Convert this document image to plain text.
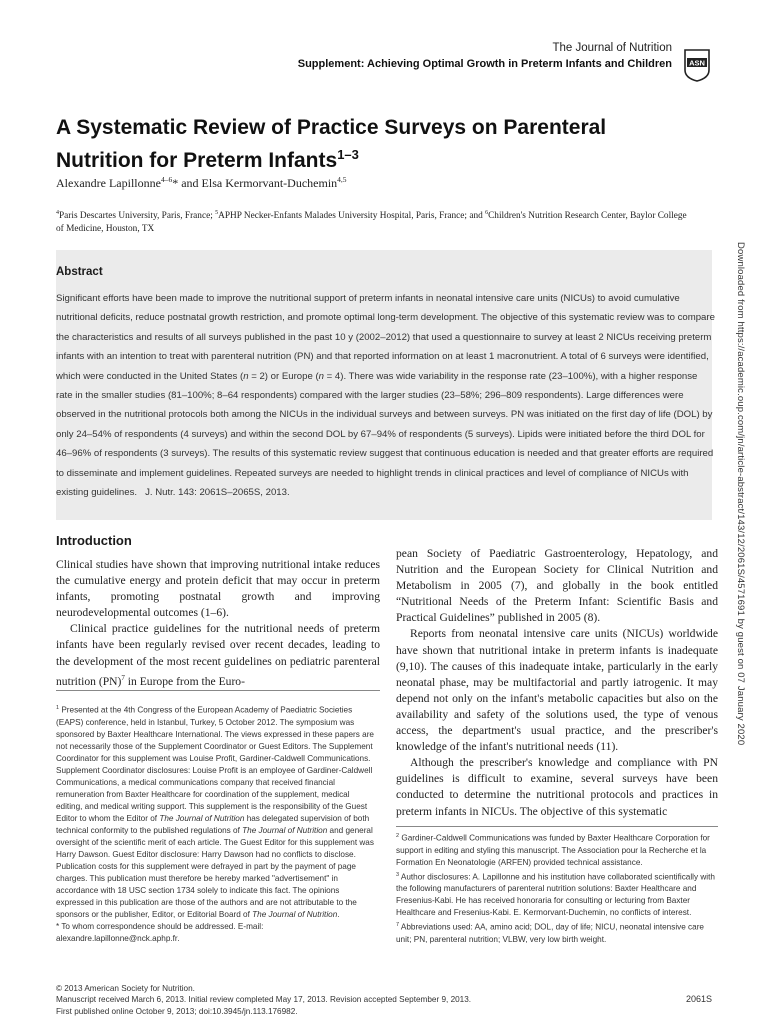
The Journal of Nutrition
Supplement: Achieving Optimal Growth in Preterm Infants and Children ASN
A Systematic Review of Practice Surveys on Parenteral Nutrition for Preterm Infants$^{1-3}$
Alexandre Lapillonne$^{4-6}$* and Elsa Kermorvant-Duchemin$^{4,5}$
$^4$Paris Descartes University, Paris, France; $^5$APHP Necker-Enfants Malades University Hospital, Paris, France; and $^6$Children's Nutrition Research Center, Baylor College of Medicine, Houston, TX
Abstract

Significant efforts have been made to improve the nutritional support of preterm infants in neonatal intensive care units (NICUs) to avoid cumulative nutritional deficits, reduce postnatal growth restriction, and promote optimal long-term development. The objective of this systematic review was to compare the characteristics and results of all surveys published in the past 10 y (2002–2012) that used a questionnaire to survey at least 2 NICUs receiving preterm infants with an intention to treat with parenteral nutrition (PN) and that reported information on at least 1 macronutrient. A total of 6 surveys were identified, which were conducted in the United States (n = 2) or Europe (n = 4). There was wide variability in the response rate (23–100%), with a higher response rate in the smaller studies (81–100%; 8–64 respondents) compared with the larger studies (23–58%; 296–809 respondents). Large differences were observed in the nutritional protocols both among the NICUs in the individual surveys and between surveys. PN was initiated on the first day of life (DOL) by only 24–54% of respondents (4 surveys) and within the second DOL by 67–94% of respondents (5 surveys). Lipids were initiated before the third DOL for 46–96% of respondents (3 surveys). The results of this systematic review suggest that continuous education is needed and that greater efforts are required to disseminate and implement guidelines. Repeated surveys are needed to highlight trends in clinical practices and level of compliance of NICUs with existing guidelines. J. Nutr. 143: 2061S–2065S, 2013.

Introduction

Clinical studies have shown that improving nutritional intake reduces the cumulative energy and protein deficit that may occur in preterm infants, promoting postnatal growth and improving neurodevelopmental outcomes (1–6).

Clinical practice guidelines for the nutritional needs of preterm infants have been regularly revised over recent decades, leading to the development of the most recent guidelines on pediatric parenteral nutrition (PN)$^7$ in Europe from the Euro-

pean Society of Paediatric Gastroenterology, Hepatology, and Nutrition and the European Society for Clinical Nutrition and Metabolism in 2005 (7), and globally in the book entitled “Nutritional Needs of the Preterm Infant: Scientific Basis and Practical Guidelines” published in 2005 (8).

Reports from neonatal intensive care units (NICUs) worldwide have shown that nutritional intake in preterm infants is inadequate (9,10). The causes of this inadequate intake, particularly in the early neonatal phase, may be multifactorial and partly iatrogenic. It may depend not only on the infant's metabolic capacities but also on the availability and safety of the solutions used, the type of venous access, the department's usual practice, and the prescriber's knowledge of the infant's nutritional needs (11).

Although the prescriber's knowledge and compliance with PN guidelines is difficult to examine, several surveys have been conducted to determine the nutritional protocols and practices in preterm infants in NICUs. The objective of this systematic

$^1$ Presented at the 4th Congress of the European Academy of Paediatric Societies (EAPS) conference, held in Istanbul, Turkey, 5 October 2012. The symposium was sponsored by Baxter Healthcare International. The views expressed in these papers are not necessarily those of the Supplement Coordinator or Guest Editors. The Supplement Coordinator for this supplement was Louise Profit, Gardiner-Caldwell Communications. Supplement Coordinator disclosures: Louise Profit is an employee of Gardiner-Caldwell Communications, a medical communications company that received financial remuneration from Baxter Healthcare for coordination of the supplement, medical editing, and medical writing support. This supplement is the responsibility of the Guest Editor to whom the Editor of The Journal of Nutrition has delegated supervision of both technical conformity to the published regulations of The Journal of Nutrition and general oversight of the scientific merit of each article. The Guest Editor for this supplement was Harry Dawson. Guest Editor disclosure: Harry Dawson had no conflicts to disclose. Publication costs for this supplement were defrayed in part by the payment of page charges. This publication must therefore be hereby marked "advertisement" in accordance with 18 USC section 1734 solely to indicate this fact. The opinions expressed in this publication are those of the authors and are not attributable to the sponsors or the publisher, Editor, or Editorial Board of The Journal of Nutrition.

* To whom correspondence should be addressed. E-mail: alexandre.lapillonne@nck.aphp.fr.

$^2$ Gardiner-Caldwell Communications was funded by Baxter Healthcare Corporation for support in editing and styling this manuscript. The Association pour la Recherche et la Formation En Neonatologie (ARFEN) provided technical assistance.

$^3$ Author disclosures: A. Lapillonne and his institution have collaborated scientifically with the following manufacturers of parenteral nutrition solutions: Baxter Healthcare and Fresenius-Kabi. He has received honoraria for consulting or lecturing from Baxter Healthcare and Fresenius-Kabi. E. Kermorvant-Duchemin, no conflicts of interest.

$^7$ Abbreviations used: AA, amino acid; DOL, day of life; NICU, neonatal intensive care unit; PN, parenteral nutrition; VLBW, very low birth weight.

© 2013 American Society for Nutrition.
Manuscript received March 6, 2013. Initial review completed May 17, 2013. Revision accepted September 9, 2013.
First published online October 9, 2013; doi:10.3945/jn.113.176982.
2061S
Downloaded from https://academic.oup.com/jn/article-abstract/143/12/2061S/4571691 by guest on 07 January 2020
